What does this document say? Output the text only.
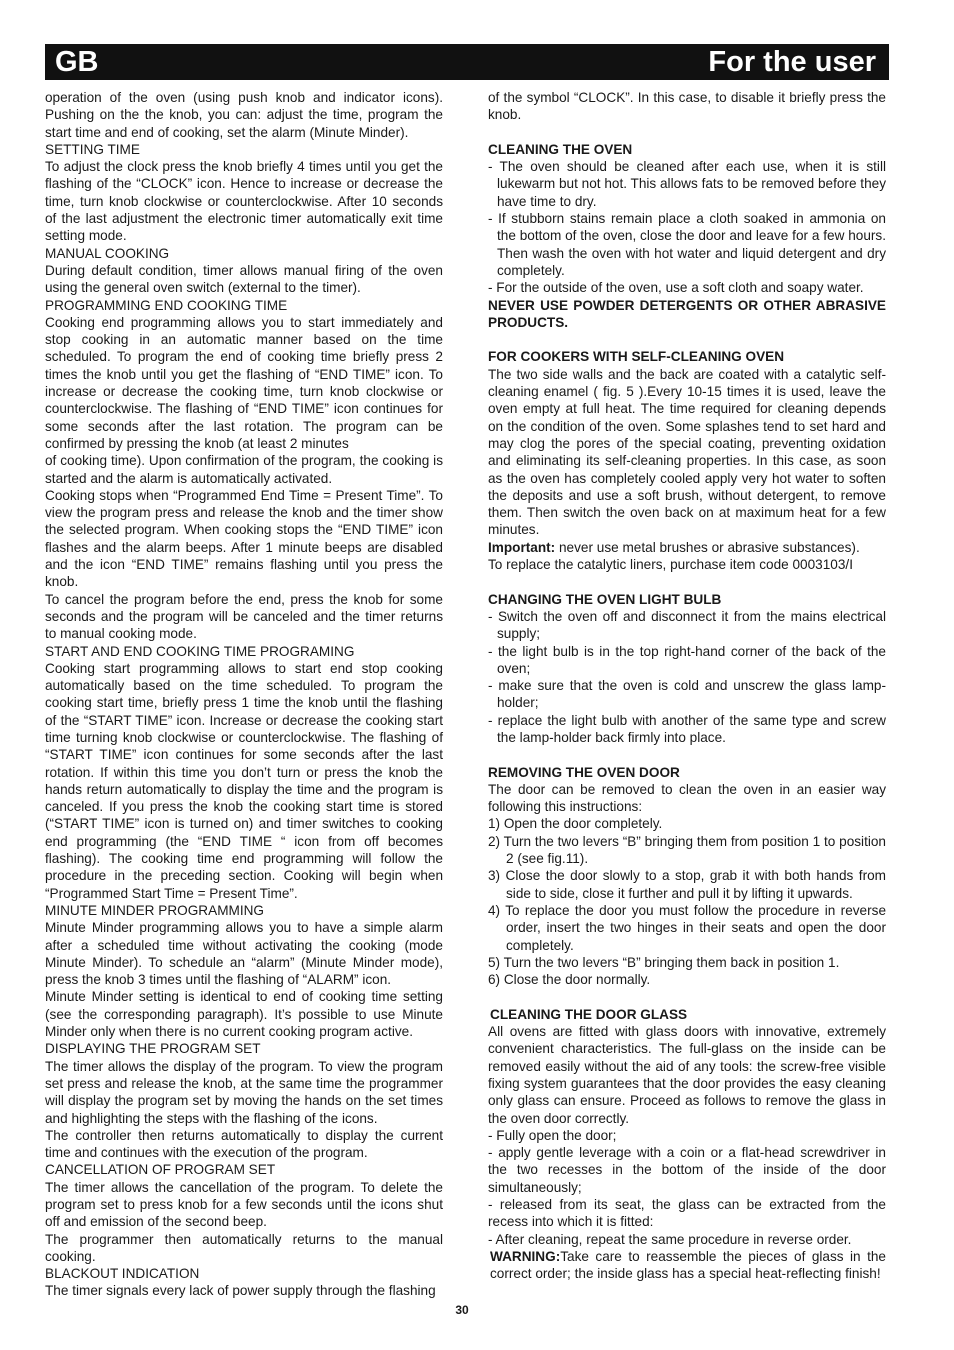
GB	For the user

operation of the oven (using push knob and indicator icons). Pushing on the the knob, you can: adjust the time, program the start time and end of cooking, set the alarm (Minute Minder).

SETTING TIME

To adjust the clock press the knob briefly 4 times until you get the flashing of the “CLOCK” icon. Hence to increase or decrease the time, turn knob clockwise or counterclockwise. After 10 seconds of the last adjustment the electronic timer automatically exit time setting mode.

MANUAL COOKING

During default condition, timer allows manual firing of the oven using the general oven switch (external to the timer).

PROGRAMMING END COOKING TIME

Cooking end programming allows you to start immediately and stop cooking in an automatic manner based on the time scheduled. To program the end of cooking time briefly press 2 times the knob until you get the flashing of “END TIME” icon. To increase or decrease the cooking time, turn knob clockwise or counterclockwise. The flashing of “END TIME” icon continues for some seconds after the last rotation. The program can be confirmed by pressing the knob (at least 2 minutes

of cooking time). Upon confirmation of the program, the cooking is started and the alarm is automatically activated.

Cooking stops when “Programmed End Time = Present Time”. To view the program press and release the knob and the timer show the selected program. When cooking stops the “END TIME” icon flashes and the alarm beeps. After 1 minute beeps are disabled and the icon “END TIME” remains flashing until you press the knob.

To cancel the program before the end, press the knob for some seconds and the program will be canceled and the timer returns to manual cooking mode.

START AND END COOKING TIME PROGRAMING

Cooking start programming allows to start end stop cooking automatically based on the time scheduled. To program the cooking start time, briefly press 1 time the knob until the flashing of the “START TIME” icon. Increase or decrease the cooking start time turning knob clockwise or counterclockwise. The flashing of “START TIME” icon continues for some seconds after the last rotation. If within this time you don’t turn or press the knob the hands return automatically to display the time and the program is canceled. If you press the knob the cooking start time is stored (“START TIME” icon is turned on) and timer switches to cooking end programming (the “END TIME “ icon from off becomes flashing). The cooking time end programming will follow the procedure in the preceding section. Cooking will begin when “Programmed Start Time = Present Time”.

MINUTE MINDER PROGRAMMING

Minute Minder programming allows you to have a simple alarm after a scheduled time without activating the cooking (mode Minute Minder). To schedule an “alarm” (Minute Minder mode), press the knob 3 times until the flashing of “ALARM” icon.

Minute Minder setting is identical to end of cooking time setting (see the corresponding paragraph). It’s possible to use Minute Minder only when there is no current cooking program active.

DISPLAYING THE PROGRAM SET

The timer allows the display of the program. To view the program set press and release the knob, at the same time the programmer will display the program set by moving the hands on the set times and highlighting the steps with the flashing of the icons.

The controller then returns automatically to display the current time and continues with the execution of the program.

CANCELLATION OF PROGRAM SET

The timer allows the cancellation of the program. To delete the program set to press knob for a few seconds until the icons shut off and emission of the second beep.

The programmer then automatically returns to the manual cooking.

BLACKOUT INDICATION

The timer signals every lack of power supply through the flashing

of the symbol “CLOCK”. In this case, to disable it briefly press the knob.

CLEANING THE OVEN

- The oven should be cleaned after each use, when it is still lukewarm but not hot. This allows fats to be removed before they have time to dry.

- If stubborn stains remain place a cloth soaked in ammonia on the bottom of the oven, close the door and leave for a few hours. Then wash the oven with hot water and liquid detergent and dry completely.

- For the outside of the oven, use a soft cloth and soapy water.

NEVER USE POWDER DETERGENTS OR OTHER ABRASIVE PRODUCTS.

FOR COOKERS WITH SELF-CLEANING OVEN

The two side walls and the back are coated with a catalytic self-cleaning enamel ( fig. 5 ).Every 10-15 times it is used, leave the oven empty at full heat. The time required for cleaning depends on the condition of the oven. Some splashes tend to set hard and may clog the pores of the special coating, preventing oxidation and eliminating its self-cleaning properties. In this case, as soon as the oven has completely cooled apply very hot water to soften the deposits and use a soft brush, without detergent, to remove them. Then switch the oven back on at maximum heat for a few minutes.

Important: never use metal brushes or abrasive substances).

To replace the catalytic liners, purchase item code 0003103/I

CHANGING THE OVEN LIGHT BULB

- Switch the oven off and disconnect it from the mains electrical supply;

- the light bulb is in the top right-hand corner of the back of the oven;

- make sure that the oven is cold and unscrew the glass lamp-holder;

- replace the light bulb with another of the same type and screw the lamp-holder back firmly into place.

REMOVING THE OVEN DOOR

The door can be removed to clean the oven in an easier way following this instructions:

1) Open the door completely.

2) Turn the two levers “B” bringing them from position 1 to position 2 (see fig.11).

3) Close the door slowly to a stop, grab it with both hands from side to side, close it further and pull it by lifting it upwards.

4) To replace the door you must follow the procedure in reverse order, insert the two hinges in their seats and open the door completely.

5) Turn the two levers “B” bringing them back in position 1.

6) Close the door normally.

CLEANING THE DOOR GLASS

All ovens are fitted with glass doors with innovative, extremely convenient characteristics. The full-glass on the inside can be removed easily without the aid of any tools: the screw-free visible fixing system guarantees that the door provides the easy cleaning only glass can ensure. Proceed as follows to remove the glass in the oven door correctly.

- Fully open the door;

- apply gentle leverage with a coin or a flat-head screwdriver in the two recesses in the bottom of the inside of the door simultaneously;

- released from its seat, the glass can be extracted from the recess into which it is fitted:

- After cleaning, repeat the same procedure in reverse order.

WARNING:Take care to reassemble the pieces of glass in the correct order; the inside glass has a special heat-reflecting finish!

30
